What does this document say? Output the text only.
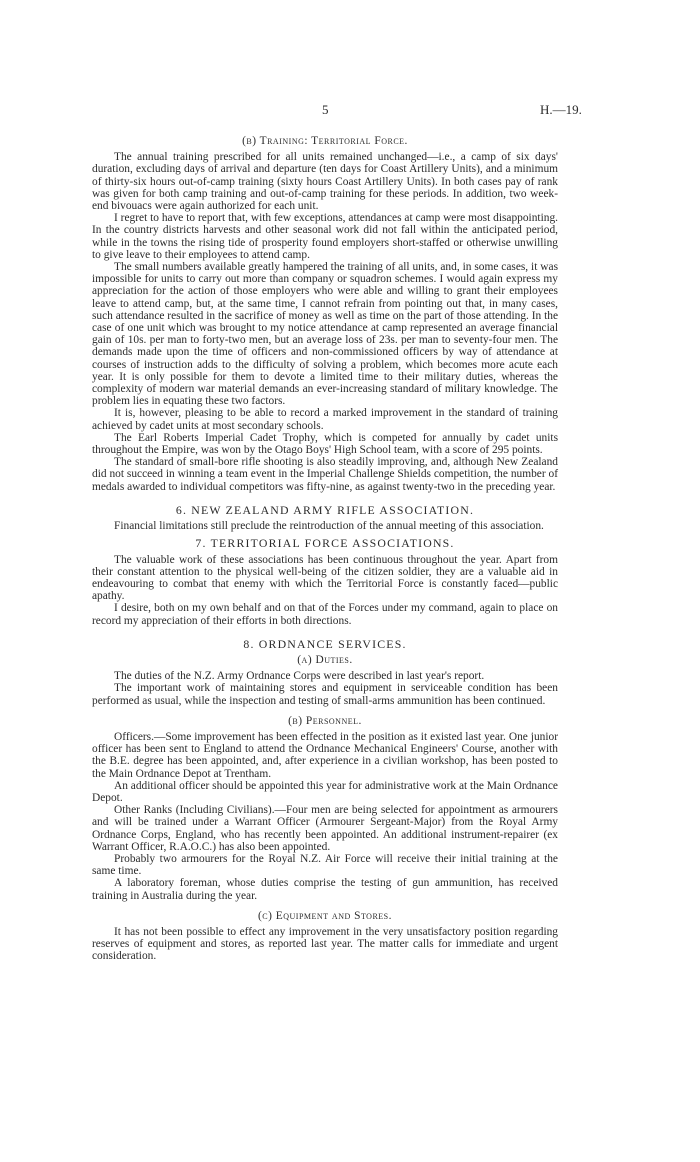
5	H.—19.
(b) Training: Territorial Force.

The annual training prescribed for all units remained unchanged—i.e., a camp of six days' duration, excluding days of arrival and departure (ten days for Coast Artillery Units), and a minimum of thirty-six hours out-of-camp training (sixty hours Coast Artillery Units). In both cases pay of rank was given for both camp training and out-of-camp training for these periods. In addition, two week-end bivouacs were again authorized for each unit.

I regret to have to report that, with few exceptions, attendances at camp were most disappointing. In the country districts harvests and other seasonal work did not fall within the anticipated period, while in the towns the rising tide of prosperity found employers short-staffed or otherwise unwilling to give leave to their employees to attend camp.

The small numbers available greatly hampered the training of all units, and, in some cases, it was impossible for units to carry out more than company or squadron schemes. I would again express my appreciation for the action of those employers who were able and willing to grant their employees leave to attend camp, but, at the same time, I cannot refrain from pointing out that, in many cases, such attendance resulted in the sacrifice of money as well as time on the part of those attending. In the case of one unit which was brought to my notice attendance at camp represented an average financial gain of 10s. per man to forty-two men, but an average loss of 23s. per man to seventy-four men. The demands made upon the time of officers and non-commissioned officers by way of attendance at courses of instruction adds to the difficulty of solving a problem, which becomes more acute each year. It is only possible for them to devote a limited time to their military duties, whereas the complexity of modern war material demands an ever-increasing standard of military knowledge. The problem lies in equating these two factors.

It is, however, pleasing to be able to record a marked improvement in the standard of training achieved by cadet units at most secondary schools.

The Earl Roberts Imperial Cadet Trophy, which is competed for annually by cadet units throughout the Empire, was won by the Otago Boys' High School team, with a score of 295 points.

The standard of small-bore rifle shooting is also steadily improving, and, although New Zealand did not succeed in winning a team event in the Imperial Challenge Shields competition, the number of medals awarded to individual competitors was fifty-nine, as against twenty-two in the preceding year.

6. NEW ZEALAND ARMY RIFLE ASSOCIATION.

Financial limitations still preclude the reintroduction of the annual meeting of this association.

7. TERRITORIAL FORCE ASSOCIATIONS.

The valuable work of these associations has been continuous throughout the year. Apart from their constant attention to the physical well-being of the citizen soldier, they are a valuable aid in endeavouring to combat that enemy with which the Territorial Force is constantly faced—public apathy.

I desire, both on my own behalf and on that of the Forces under my command, again to place on record my appreciation of their efforts in both directions.

8. ORDNANCE SERVICES.
(a) Duties.

The duties of the N.Z. Army Ordnance Corps were described in last year's report.

The important work of maintaining stores and equipment in serviceable condition has been performed as usual, while the inspection and testing of small-arms ammunition has been continued.

(b) Personnel.

Officers.—Some improvement has been effected in the position as it existed last year. One junior officer has been sent to England to attend the Ordnance Mechanical Engineers' Course, another with the B.E. degree has been appointed, and, after experience in a civilian workshop, has been posted to the Main Ordnance Depot at Trentham.

An additional officer should be appointed this year for administrative work at the Main Ordnance Depot.

Other Ranks (Including Civilians).—Four men are being selected for appointment as armourers and will be trained under a Warrant Officer (Armourer Sergeant-Major) from the Royal Army Ordnance Corps, England, who has recently been appointed. An additional instrument-repairer (ex Warrant Officer, R.A.O.C.) has also been appointed.

Probably two armourers for the Royal N.Z. Air Force will receive their initial training at the same time.

A laboratory foreman, whose duties comprise the testing of gun ammunition, has received training in Australia during the year.

(c) Equipment and Stores.

It has not been possible to effect any improvement in the very unsatisfactory position regarding reserves of equipment and stores, as reported last year. The matter calls for immediate and urgent consideration.
